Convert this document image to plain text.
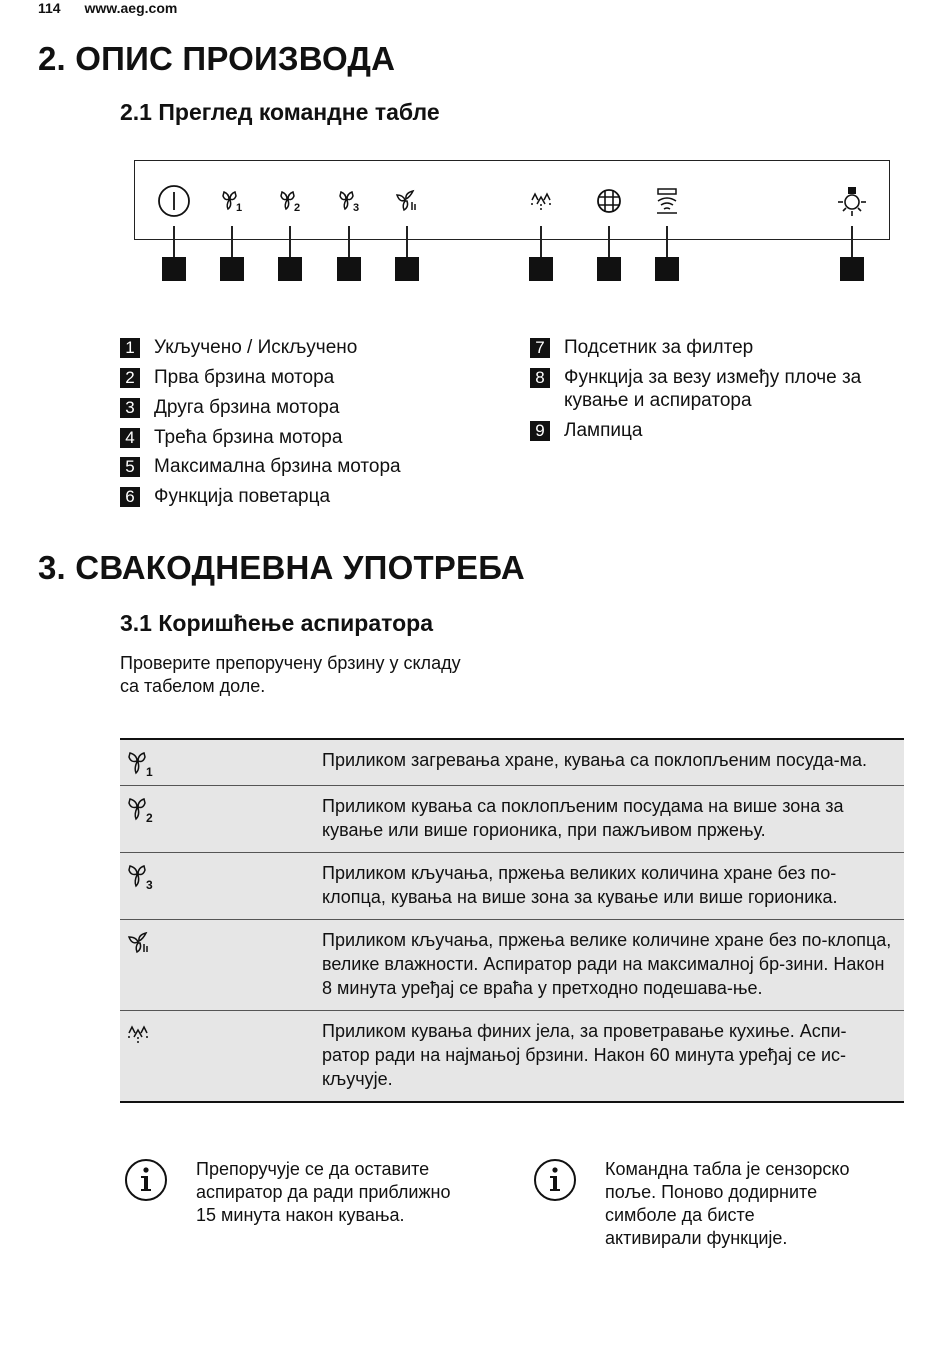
114 www.aeg.com
2. ОПИС ПРОИЗВОДА
2.1 Преглед командне табле
1	2	3
1 Укључено / Искључено
2 Прва брзина мотора
3 Друга брзина мотора
4 Трећа брзина мотора
5 Максимална брзина мотора
6 Функција поветарца
7 Подсетник за филтер
8 Функција за везу између плоче за кување и аспиратора
9 Лампица
3. СВАКОДНЕВНА УПОТРЕБА
3.1 Коришћење аспиратора
Проверите препоручену брзину у складу са табелом доле.
1
Приликом загревања хране, кувања са поклопљеним посуда-ма.
2
Приликом кувања са поклопљеним посудама на више зона за кување или више горионика, при пажљивом пржењу.
3
Приликом кључања, пржења великих количина хране без по-клопца, кувања на више зона за кување или више горионика.
Приликом кључања, пржења велике количине хране без по-клопца, велике влажности. Аспиратор ради на максималној бр-зини. Након 8 минута уређај се враћа у претходно подешава-ње.
Приликом кувања финих јела, за проветравање кухиње. Аспи-ратор ради на најмањој брзини. Након 60 минута уређај се ис-кључује.
Препоручује се да оставите аспиратор да ради приближно 15 минута након кувања.
Командна табла је сензорско поље. Поново додирните симболе да бисте активирали функције.
